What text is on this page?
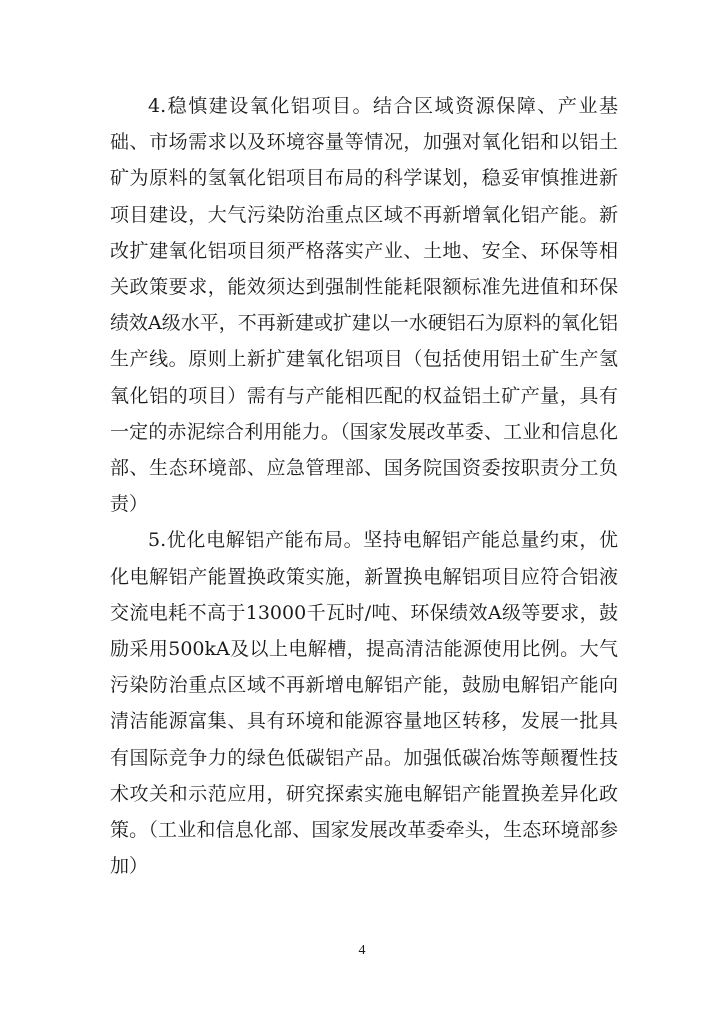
4.稳慎建设氧化铝项目。结合区域资源保障、产业基础、市场需求以及环境容量等情况，加强对氧化铝和以铝土矿为原料的氢氧化铝项目布局的科学谋划，稳妥审慎推进新项目建设，大气污染防治重点区域不再新增氧化铝产能。新改扩建氧化铝项目须严格落实产业、土地、安全、环保等相关政策要求，能效须达到强制性能耗限额标准先进值和环保绩效A级水平，不再新建或扩建以一水硬铝石为原料的氧化铝生产线。原则上新扩建氧化铝项目（包括使用铝土矿生产氢氧化铝的项目）需有与产能相匹配的权益铝土矿产量，具有一定的赤泥综合利用能力。（国家发展改革委、工业和信息化部、生态环境部、应急管理部、国务院国资委按职责分工负责）

5.优化电解铝产能布局。坚持电解铝产能总量约束，优化电解铝产能置换政策实施，新置换电解铝项目应符合铝液交流电耗不高于13000千瓦时/吨、环保绩效A级等要求，鼓励采用500kA及以上电解槽，提高清洁能源使用比例。大气污染防治重点区域不再新增电解铝产能，鼓励电解铝产能向清洁能源富集、具有环境和能源容量地区转移，发展一批具有国际竞争力的绿色低碳铝产品。加强低碳冶炼等颠覆性技术攻关和示范应用，研究探索实施电解铝产能置换差异化政策。（工业和信息化部、国家发展改革委牵头，生态环境部参加）

4
